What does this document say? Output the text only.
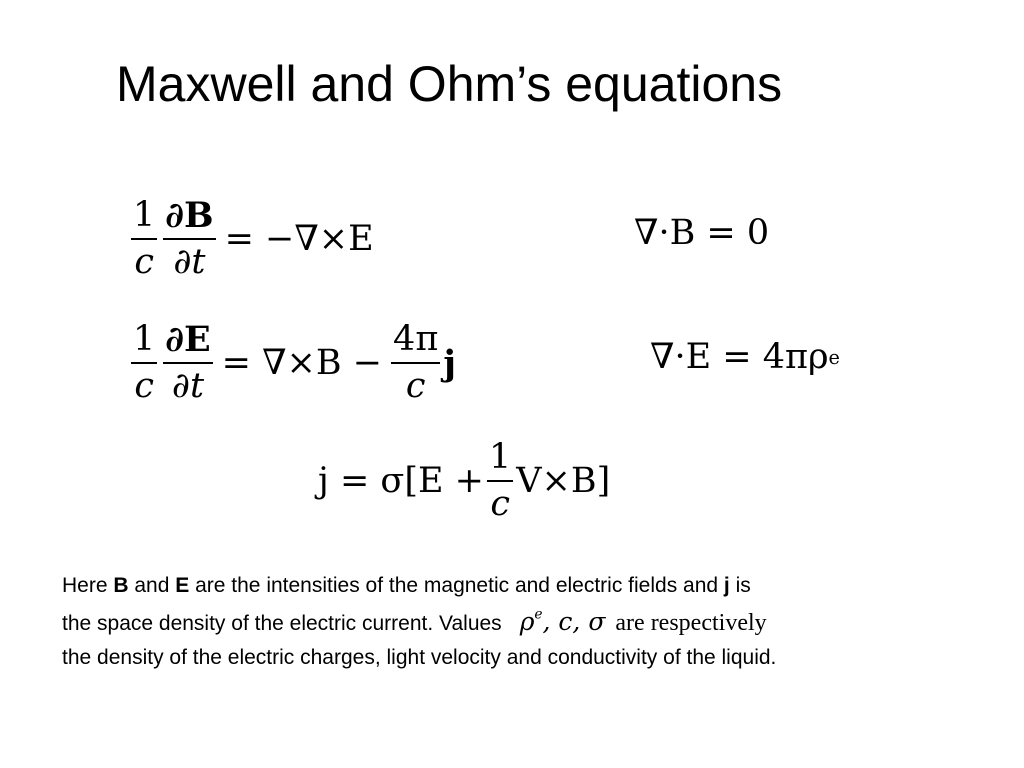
Maxwell and Ohm’s equations
$\frac{1}{c} \frac{\partial B}{\partial t} = -\nabla\times E$	∇·B = 0
$\frac{1}{c} \frac{\partial E}{\partial t} = \nabla\times B - \frac{4\pi}{c}$ j	∇·E = 4πρ e
$j = \sigma[E + \frac{1}{c} V\times B]$
Here B and E are the intensities of the magnetic and electric fields and j is
the space density of the electric current. Values $\rho^e$, c, σ are respectively
the density of the electric charges, light velocity and conductivity of the liquid.
